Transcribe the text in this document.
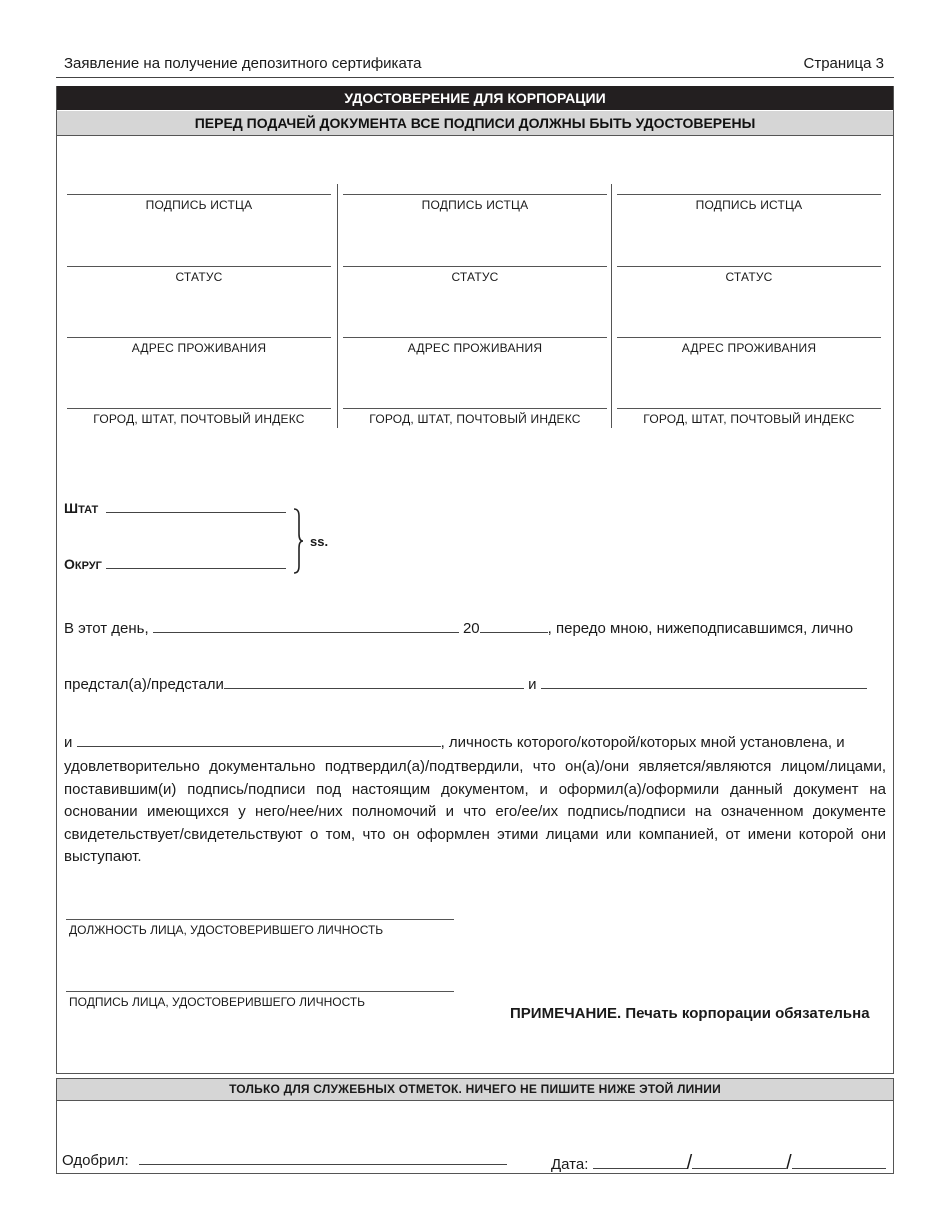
Заявление на получение депозитного сертификата	Страница 3
УДОСТОВЕРЕНИЕ ДЛЯ КОРПОРАЦИИ
ПЕРЕД ПОДАЧЕЙ ДОКУМЕНТА ВСЕ ПОДПИСИ ДОЛЖНЫ БЫТЬ УДОСТОВЕРЕНЫ
ПОДПИСЬ ИСТЦА
СТАТУС
АДРЕС ПРОЖИВАНИЯ
ГОРОД, ШТАТ, ПОЧТОВЫЙ ИНДЕКС
ПОДПИСЬ ИСТЦА
СТАТУС
АДРЕС ПРОЖИВАНИЯ
ГОРОД, ШТАТ, ПОЧТОВЫЙ ИНДЕКС
ПОДПИСЬ ИСТЦА
СТАТУС
АДРЕС ПРОЖИВАНИЯ
ГОРОД, ШТАТ, ПОЧТОВЫЙ ИНДЕКС
ШТАТ
ОКРУГ
ss.
В этот день,	20	, передо мною, нижеподписавшимся, лично
предстал(а)/предстали	и
и	, личность которого/которой/которых мной установлена, и
удовлетворительно документально подтвердил(а)/подтвердили, что он(а)/они является/являются лицом/лицами, поставившим(и) подпись/подписи под настоящим документом, и оформил(а)/оформили данный документ на основании имеющихся у него/нее/них полномочий и что его/ее/их подпись/подписи на означенном документе свидетельствует/свидетельствуют о том, что он оформлен этими лицами или компанией, от имени которой они выступают.
ДОЛЖНОСТЬ ЛИЦА, УДОСТОВЕРИВШЕГО ЛИЧНОСТЬ
ПОДПИСЬ ЛИЦА, УДОСТОВЕРИВШЕГО ЛИЧНОСТЬ
ПРИМЕЧАНИЕ. Печать корпорации обязательна
ТОЛЬКО ДЛЯ СЛУЖЕБНЫХ ОТМЕТОК. НИЧЕГО НЕ ПИШИТЕ НИЖЕ ЭТОЙ ЛИНИИ
Одобрил:	Дата:	/	/
